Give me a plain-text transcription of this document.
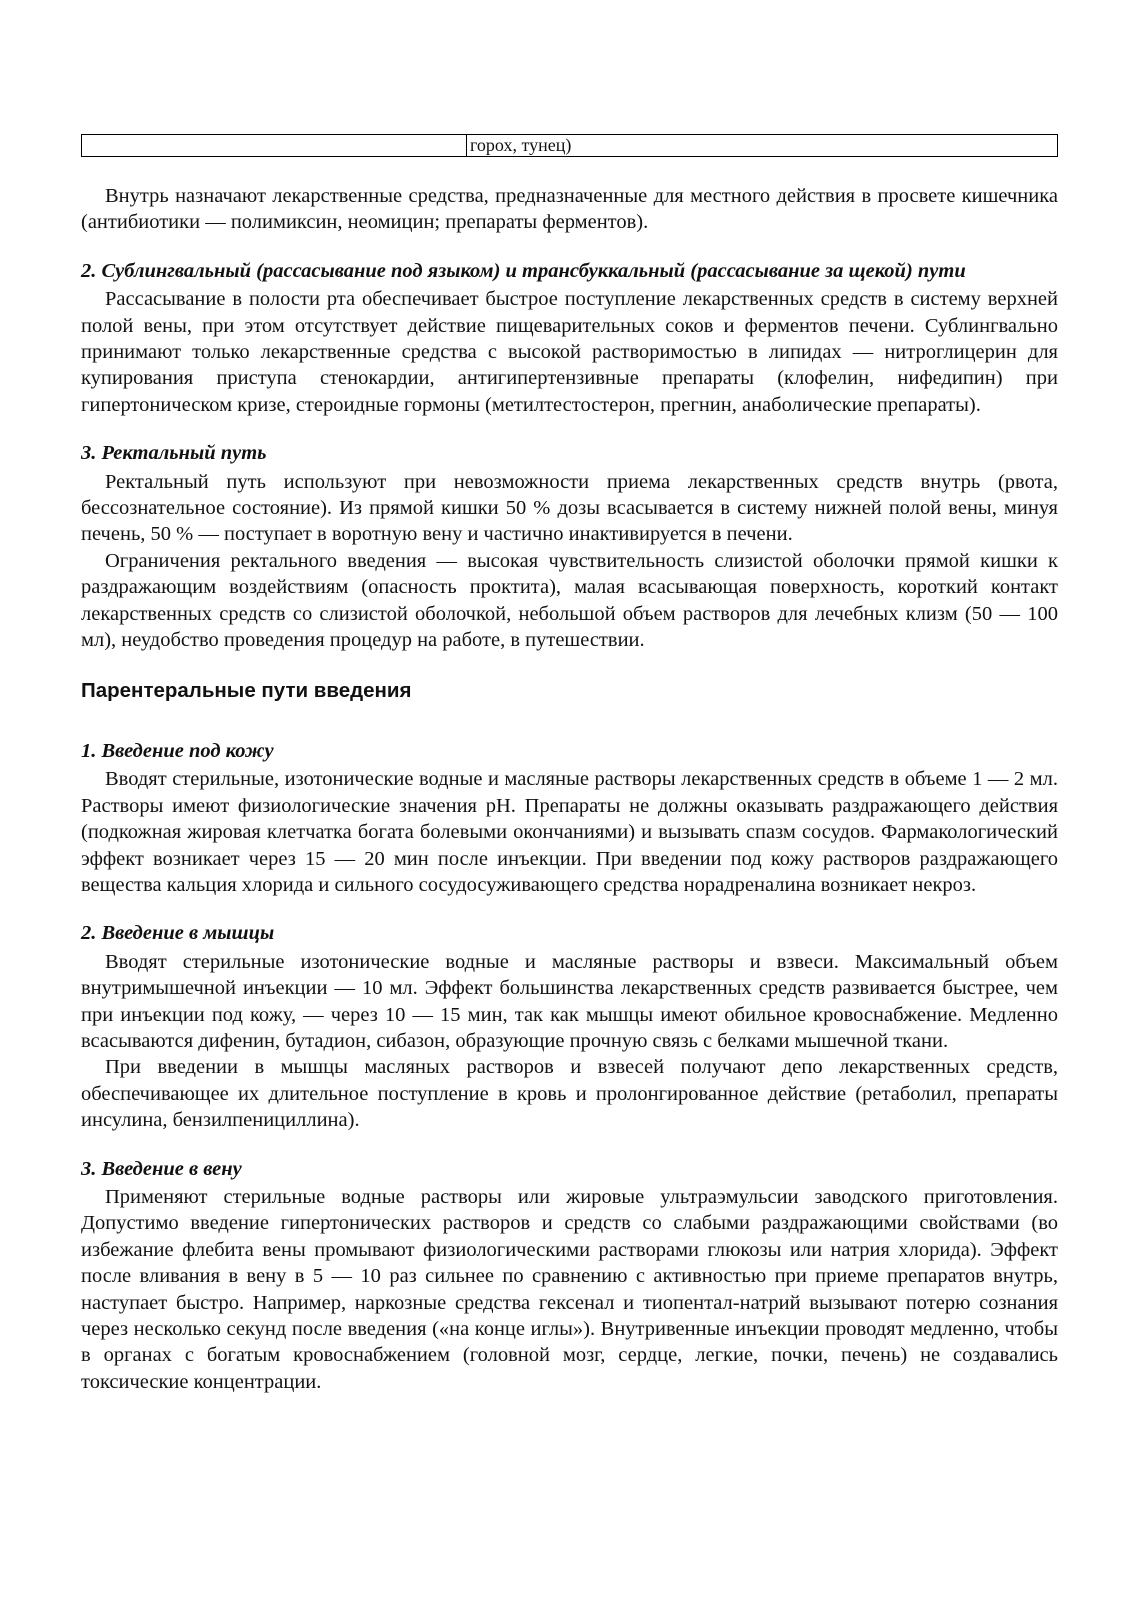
	горох, тунец)

Внутрь назначают лекарственные средства, предназначенные для местного действия в просвете кишечника (антибиотики — полимиксин, неомицин; препараты ферментов).

2. Сублингвальный (рассасывание под языком) и трансбуккальный (рассасывание за щекой) пути

Рассасывание в полости рта обеспечивает быстрое поступление лекарственных средств в систему верхней полой вены, при этом отсутствует действие пищеварительных соков и ферментов печени. Сублингвально принимают только лекарственные средства с высокой растворимостью в липидах — нитроглицерин для купирования приступа стенокардии, антигипертензивные препараты (клофелин, нифедипин) при гипертоническом кризе, стероидные гормоны (метилтестостерон, прегнин, анаболические препараты).

3. Ректальный путь

Ректальный путь используют при невозможности приема лекарственных средств внутрь (рвота, бессознательное состояние). Из прямой кишки 50 % дозы всасывается в систему нижней полой вены, минуя печень, 50 % — поступает в воротную вену и частично инактивируется в печени.

Ограничения ректального введения — высокая чувствительность слизистой оболочки прямой кишки к раздражающим воздействиям (опасность проктита), малая всасывающая поверхность, короткий контакт лекарственных средств со слизистой оболочкой, небольшой объем растворов для лечебных клизм (50 — 100 мл), неудобство проведения процедур на работе, в путешествии.

Парентеральные пути введения
1. Введение под кожу

Вводят стерильные, изотонические водные и масляные растворы лекарственных средств в объеме 1 — 2 мл. Растворы имеют физиологические значения pH. Препараты не должны оказывать раздражающего действия (подкожная жировая клетчатка богата болевыми окончаниями) и вызывать спазм сосудов. Фармакологический эффект возникает через 15 — 20 мин после инъекции. При введении под кожу растворов раздражающего вещества кальция хлорида и сильного сосудосуживающего средства норадреналина возникает некроз.

2. Введение в мышцы

Вводят стерильные изотонические водные и масляные растворы и взвеси. Максимальный объем внутримышечной инъекции — 10 мл. Эффект большинства лекарственных средств развивается быстрее, чем при инъекции под кожу, — через 10 — 15 мин, так как мышцы имеют обильное кровоснабжение. Медленно всасываются дифенин, бутадион, сибазон, образующие прочную связь с белками мышечной ткани.

При введении в мышцы масляных растворов и взвесей получают депо лекарственных средств, обеспечивающее их длительное поступление в кровь и пролонгированное действие (ретаболил, препараты инсулина, бензилпенициллина).

3. Введение в вену

Применяют стерильные водные растворы или жировые ультраэмульсии заводского приготовления. Допустимо введение гипертонических растворов и средств со слабыми раздражающими свойствами (во избежание флебита вены промывают физиологическими растворами глюкозы или натрия хлорида). Эффект после вливания в вену в 5 — 10 раз сильнее по сравнению с активностью при приеме препаратов внутрь, наступает быстро. Например, наркозные средства гексенал и тиопентал-натрий вызывают потерю сознания через несколько секунд после введения («на конце иглы»). Внутривенные инъекции проводят медленно, чтобы в органах с богатым кровоснабжением (головной мозг, сердце, легкие, почки, печень) не создавались токсические концентрации.
